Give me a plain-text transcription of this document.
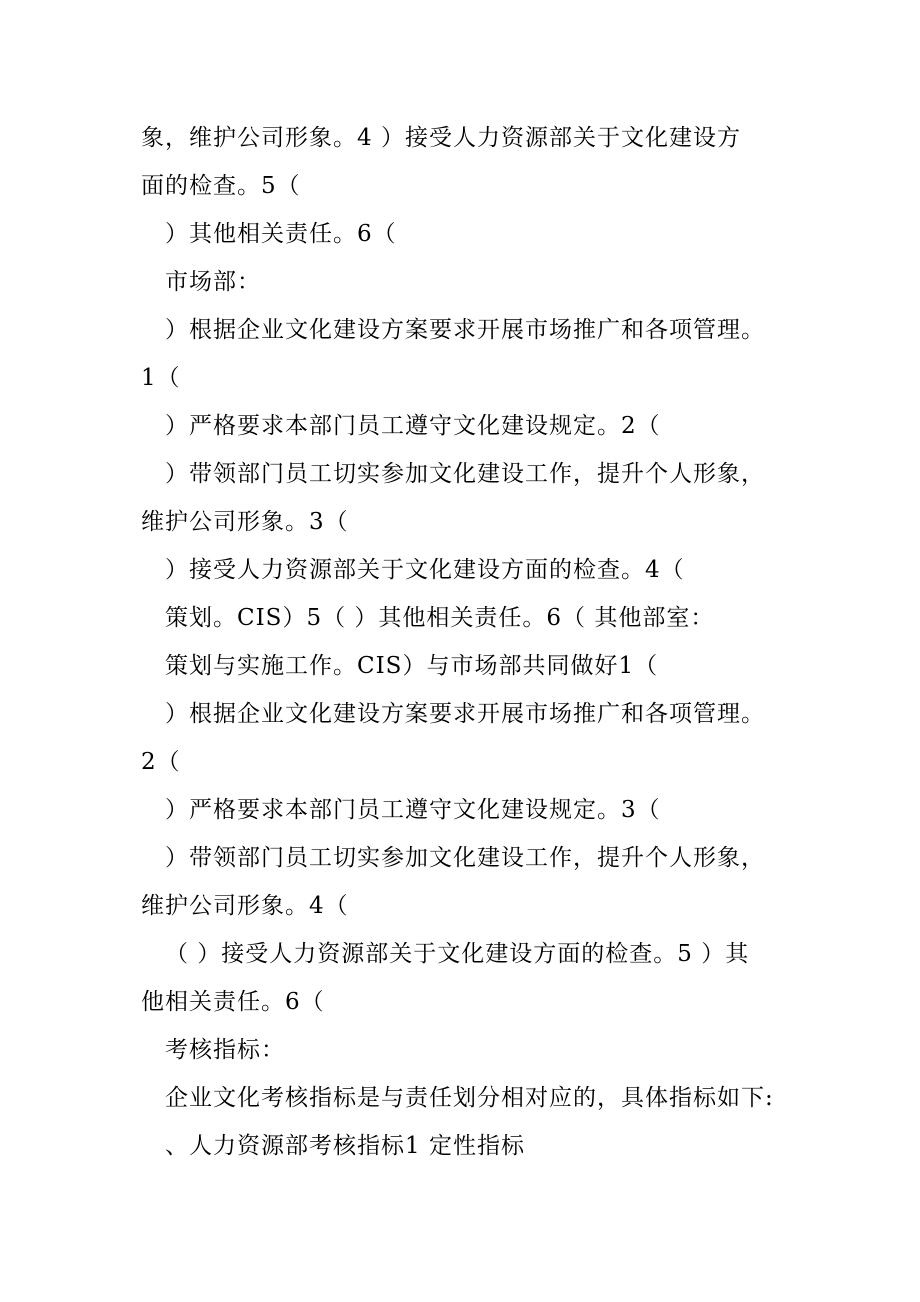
象，维护公司形象。4 ）接受人力资源部关于文化建设方
面的检查。5（
）其他相关责任。6（
市场部：
）根据企业文化建设方案要求开展市场推广和各项管理。
1（
）严格要求本部门员工遵守文化建设规定。2（
）带领部门员工切实参加文化建设工作，提升个人形象，
维护公司形象。3（
）接受人力资源部关于文化建设方面的检查。4（
策划。CIS）5（ ）其他相关责任。6（ 其他部室：
策划与实施工作。CIS）与市场部共同做好1（
）根据企业文化建设方案要求开展市场推广和各项管理。
2（
）严格要求本部门员工遵守文化建设规定。3（
）带领部门员工切实参加文化建设工作，提升个人形象，
维护公司形象。4（
（ ）接受人力资源部关于文化建设方面的检查。5 ）其
他相关责任。6（
考核指标：
企业文化考核指标是与责任划分相对应的，具体指标如下:
、人力资源部考核指标1 定性指标
